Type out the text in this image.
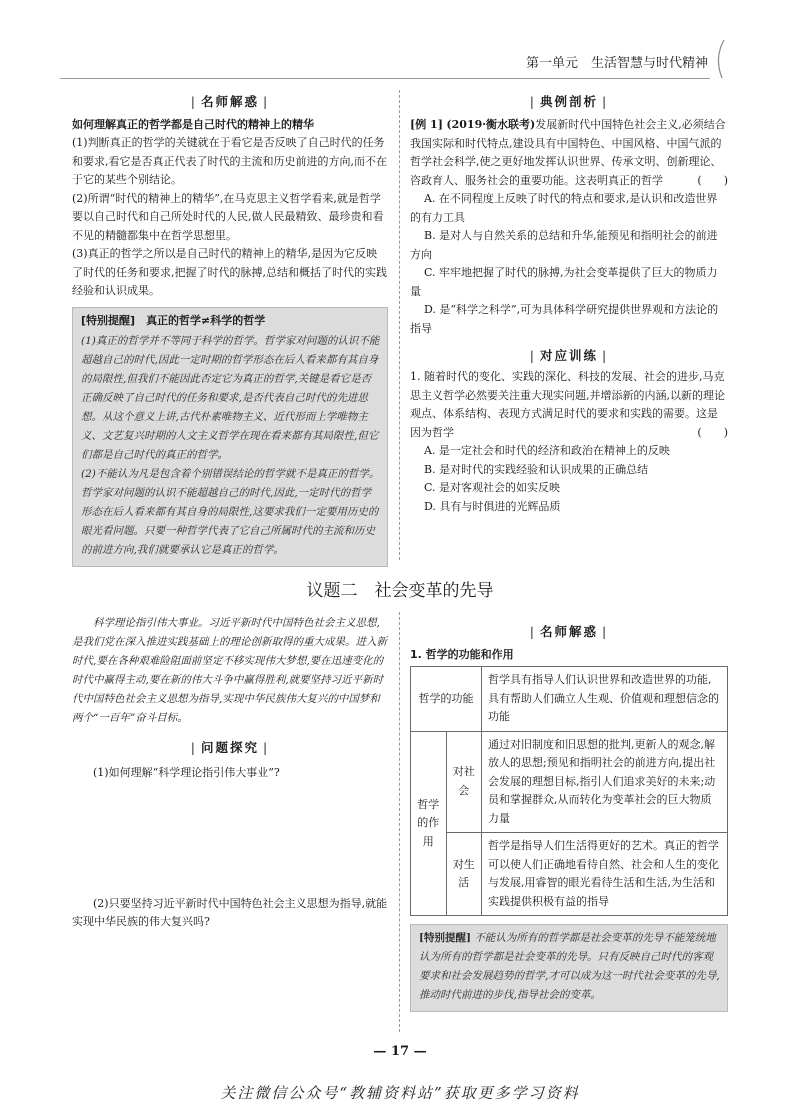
第一单元　生活智慧与时代精神
| 名师解惑 |

如何理解真正的哲学都是自己时代的精神上的精华

(1)判断真正的哲学的关键就在于看它是否反映了自己时代的任务和要求,看它是否真正代表了时代的主流和历史前进的方向,而不在于它的某些个别结论。

(2)所谓“时代的精神上的精华”,在马克思主义哲学看来,就是哲学要以自己时代和自己所处时代的人民,做人民最精致、最珍贵和看不见的精髓都集中在哲学思想里。

(3)真正的哲学之所以是自己时代的精神上的精华,是因为它反映了时代的任务和要求,把握了时代的脉搏,总结和概括了时代的实践经验和认识成果。

[特别提醒]　 真正的哲学≠科学的哲学

(1)真正的哲学并不等同于科学的哲学。哲学家对问题的认识不能超越自己的时代,因此一定时期的哲学形态在后人看来都有其自身的局限性,但我们不能因此否定它为真正的哲学,关键是看它是否正确反映了自己时代的任务和要求,是否代表自己时代的先进思想。从这个意义上讲,古代朴素唯物主义、近代形而上学唯物主义、文艺复兴时期的人文主义哲学在现在看来都有其局限性,但它们都是自己时代的真正的哲学。

(2)不能认为凡是包含着个别错误结论的哲学就不是真正的哲学。哲学家对问题的认识不能超越自己的时代,因此,一定时代的哲学形态在后人看来都有其自身的局限性,这要求我们一定要用历史的眼光看问题。只要一种哲学代表了它自己所属时代的主流和历史的前进方向,我们就要承认它是真正的哲学。

| 典例剖析 |

[例 1] (2019·衡水联考)发展新时代中国特色社会主义,必须结合我国实际和时代特点,建设具有中国特色、中国风格、中国气派的哲学社会科学,使之更好地发挥认识世界、传承文明、创新理论、咨政育人、服务社会的重要功能。这表明真正的哲学	(　　)

A. 在不同程度上反映了时代的特点和要求,是认识和改造世界的有力工具

B. 是对人与自然关系的总结和升华,能预见和指明社会的前进方向

C. 牢牢地把握了时代的脉搏,为社会变革提供了巨大的物质力量

D. 是“科学之科学”,可为具体科学研究提供世界观和方法论的指导

| 对应训练 |

1. 随着时代的变化、实践的深化、科技的发展、社会的进步,马克思主义哲学必然要关注重大现实问题,并增添新的内涵,以新的理论观点、体系结构、表现方式满足时代的要求和实践的需要。这是因为哲学	(　　)

A. 是一定社会和时代的经济和政治在精神上的反映

B. 是对时代的实践经验和认识成果的正确总结

C. 是对客观社会的如实反映

D. 具有与时俱进的光辉品质

议题二　社会变革的先导

科学理论指引伟大事业。习近平新时代中国特色社会主义思想,是我们党在深入推进实践基础上的理论创新取得的重大成果。进入新时代,要在各种艰难险阻面前坚定不移实现伟大梦想,要在迅速变化的时代中赢得主动,要在新的伟大斗争中赢得胜利,就要坚持习近平新时代中国特色社会主义思想为指导,实现中华民族伟大复兴的中国梦和两个“一百年”奋斗目标。

| 问题探究 |

(1)如何理解“科学理论指引伟大事业”?

(2)只要坚持习近平新时代中国特色社会主义思想为指导,就能实现中华民族的伟大复兴吗?

| 名师解惑 |

1. 哲学的功能和作用

哲学的功能		哲学具有指导人们认识世界和改造世界的功能,具有帮助人们确立人生观、价值观和理想信念的功能
哲学的作用	对社会	通过对旧制度和旧思想的批判,更新人的观念,解放人的思想;预见和指明社会的前进方向,提出社会发展的理想目标,指引人们追求美好的未来;动员和掌握群众,从而转化为变革社会的巨大物质力量
	对生活	哲学是指导人们生活得更好的艺术。真正的哲学可以使人们正确地看待自然、社会和人生的变化与发展,用睿智的眼光看待生活和生活,为生活和实践提供积极有益的指导

[特别提醒] 不能认为所有的哲学都是社会变革的先导不能笼统地认为所有的哲学都是社会变革的先导。只有反映自己时代的客观要求和社会发展趋势的哲学,才可以成为这一时代社会变革的先导,推动时代前进的步伐,指导社会的变革。

— 17 —
关注微信公众号“教辅资料站”获取更多学习资料
